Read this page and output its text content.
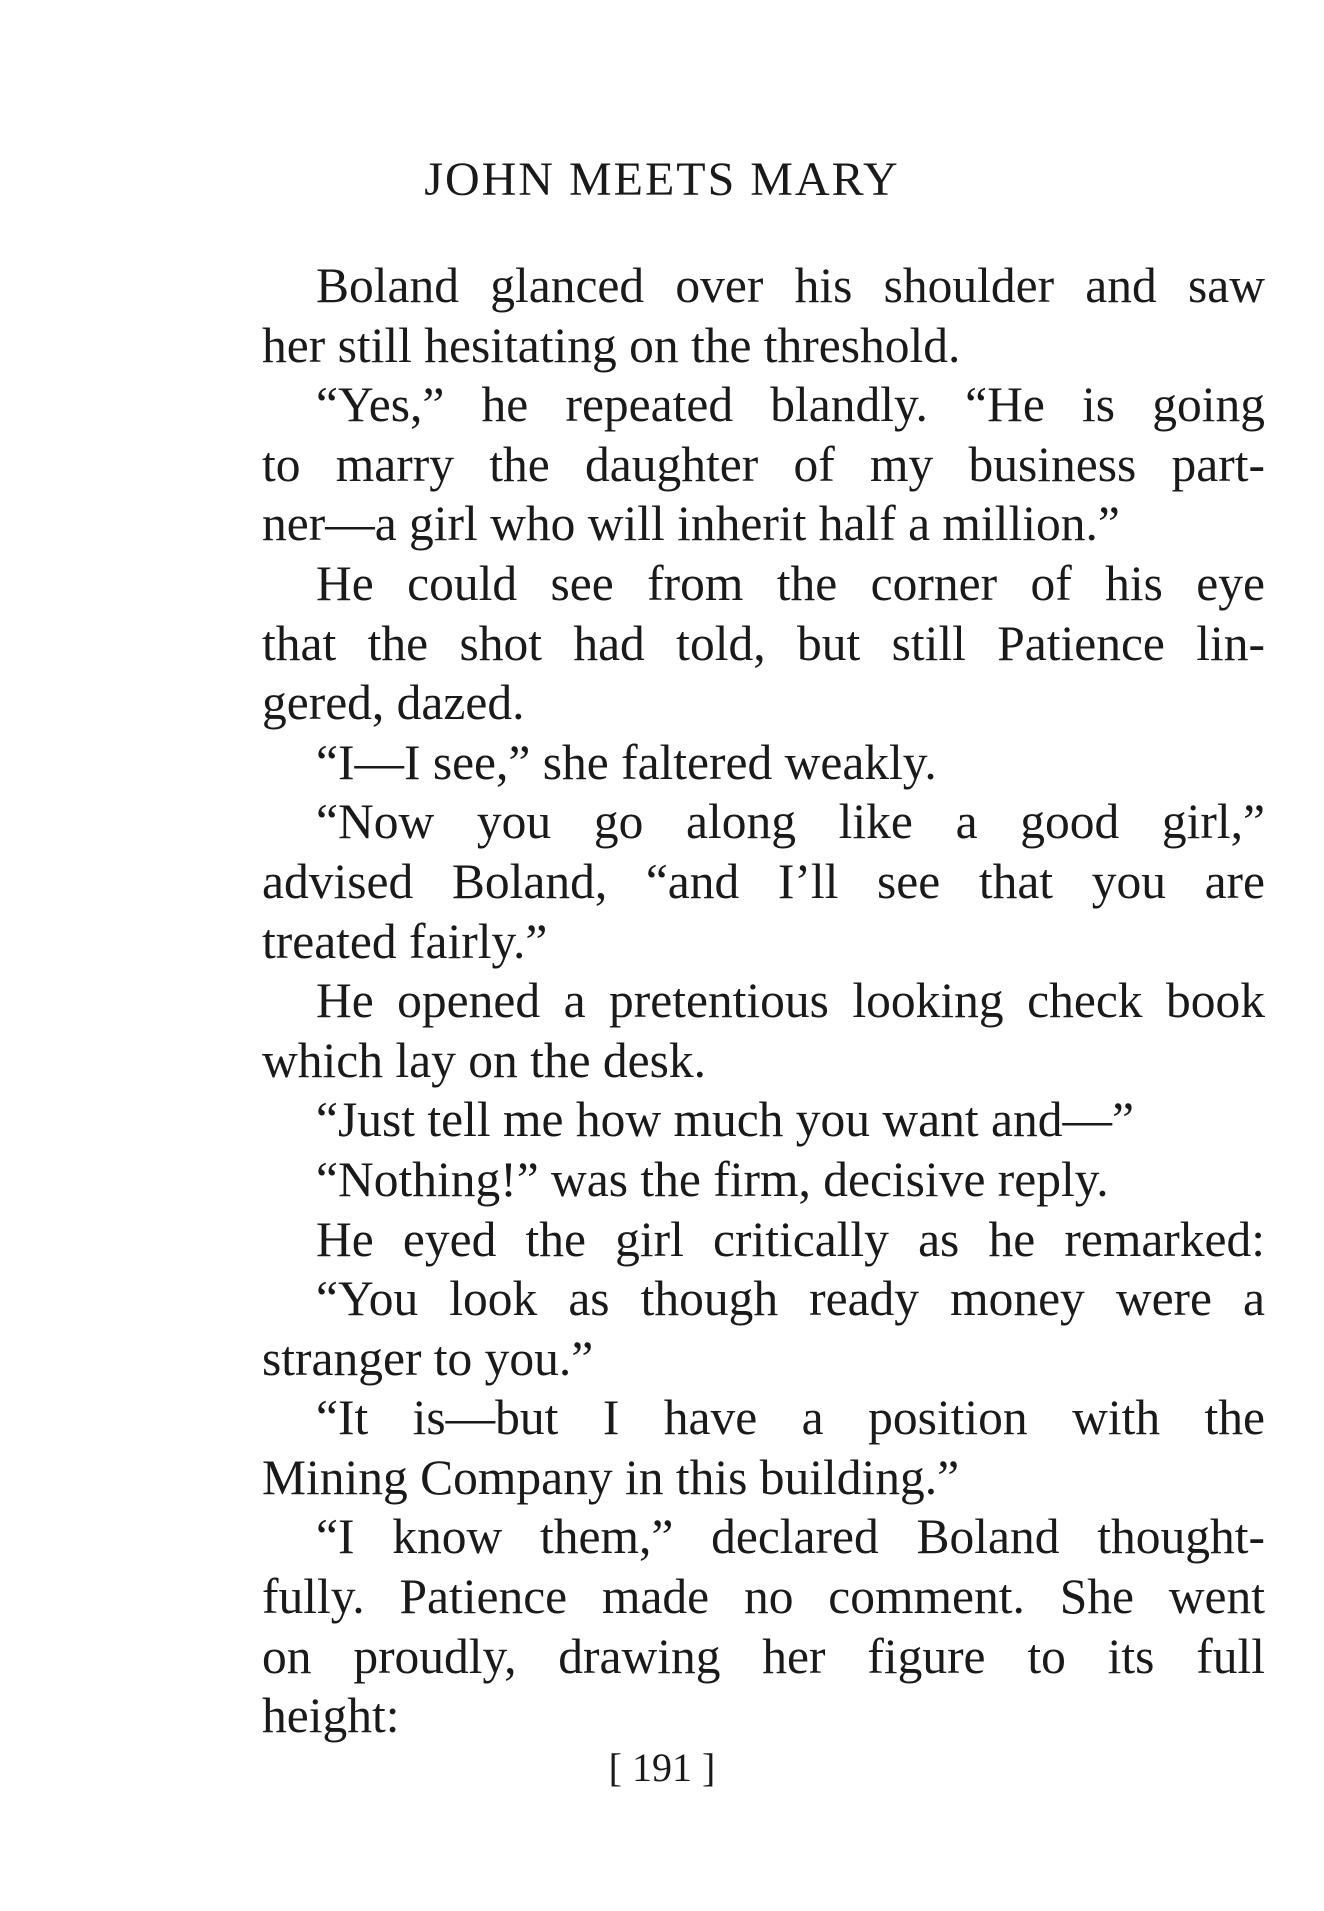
JOHN MEETS MARY
Boland glanced over his shoulder and saw
her still hesitating on the threshold.
“Yes,” he repeated blandly. “He is going
to marry the daughter of my business part-
ner—a girl who will inherit half a million.”
He could see from the corner of his eye
that the shot had told, but still Patience lin-
gered, dazed.
“I—I see,” she faltered weakly.
“Now you go along like a good girl,”
advised Boland, “and I’ll see that you are
treated fairly.”
He opened a pretentious looking check book
which lay on the desk.
“Just tell me how much you want and—”
“Nothing!” was the firm, decisive reply.
He eyed the girl critically as he remarked:
“You look as though ready money were a
stranger to you.”
“It is—but I have a position with the
Mining Company in this building.”
“I know them,” declared Boland thought-
fully. Patience made no comment. She went
on proudly, drawing her figure to its full
height:
[ 191 ]
